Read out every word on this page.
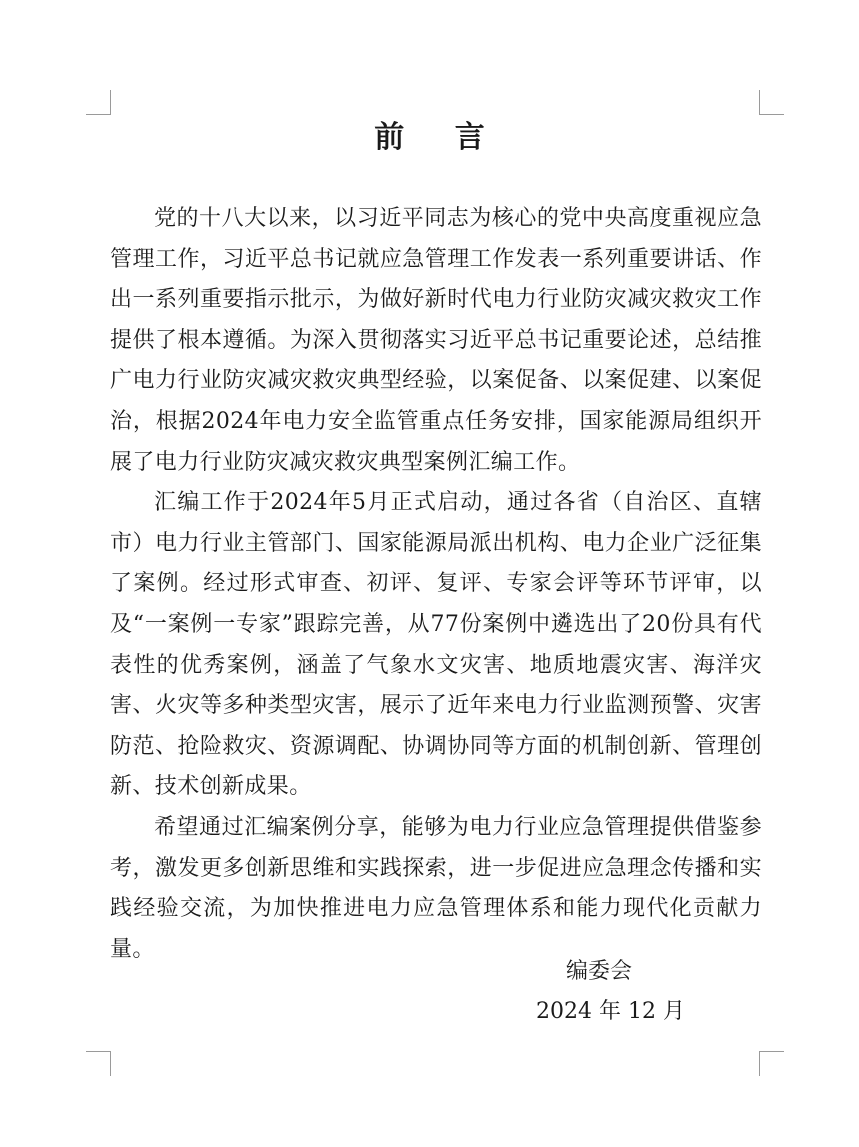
前 言

党的十八大以来，以习近平同志为核心的党中央高度重视应急管理工作，习近平总书记就应急管理工作发表一系列重要讲话、作出一系列重要指示批示，为做好新时代电力行业防灾减灾救灾工作提供了根本遵循。为深入贯彻落实习近平总书记重要论述，总结推广电力行业防灾减灾救灾典型经验，以案促备、以案促建、以案促治，根据2024年电力安全监管重点任务安排，国家能源局组织开展了电力行业防灾减灾救灾典型案例汇编工作。

汇编工作于2024年5月正式启动，通过各省（自治区、直辖市）电力行业主管部门、国家能源局派出机构、电力企业广泛征集了案例。经过形式审查、初评、复评、专家会评等环节评审，以及“一案例一专家”跟踪完善，从77份案例中遴选出了20份具有代表性的优秀案例，涵盖了气象水文灾害、地质地震灾害、海洋灾害、火灾等多种类型灾害，展示了近年来电力行业监测预警、灾害防范、抢险救灾、资源调配、协调协同等方面的机制创新、管理创新、技术创新成果。

希望通过汇编案例分享，能够为电力行业应急管理提供借鉴参考，激发更多创新思维和实践探索，进一步促进应急理念传播和实践经验交流，为加快推进电力应急管理体系和能力现代化贡献力量。

编委会
2024 年 12 月
